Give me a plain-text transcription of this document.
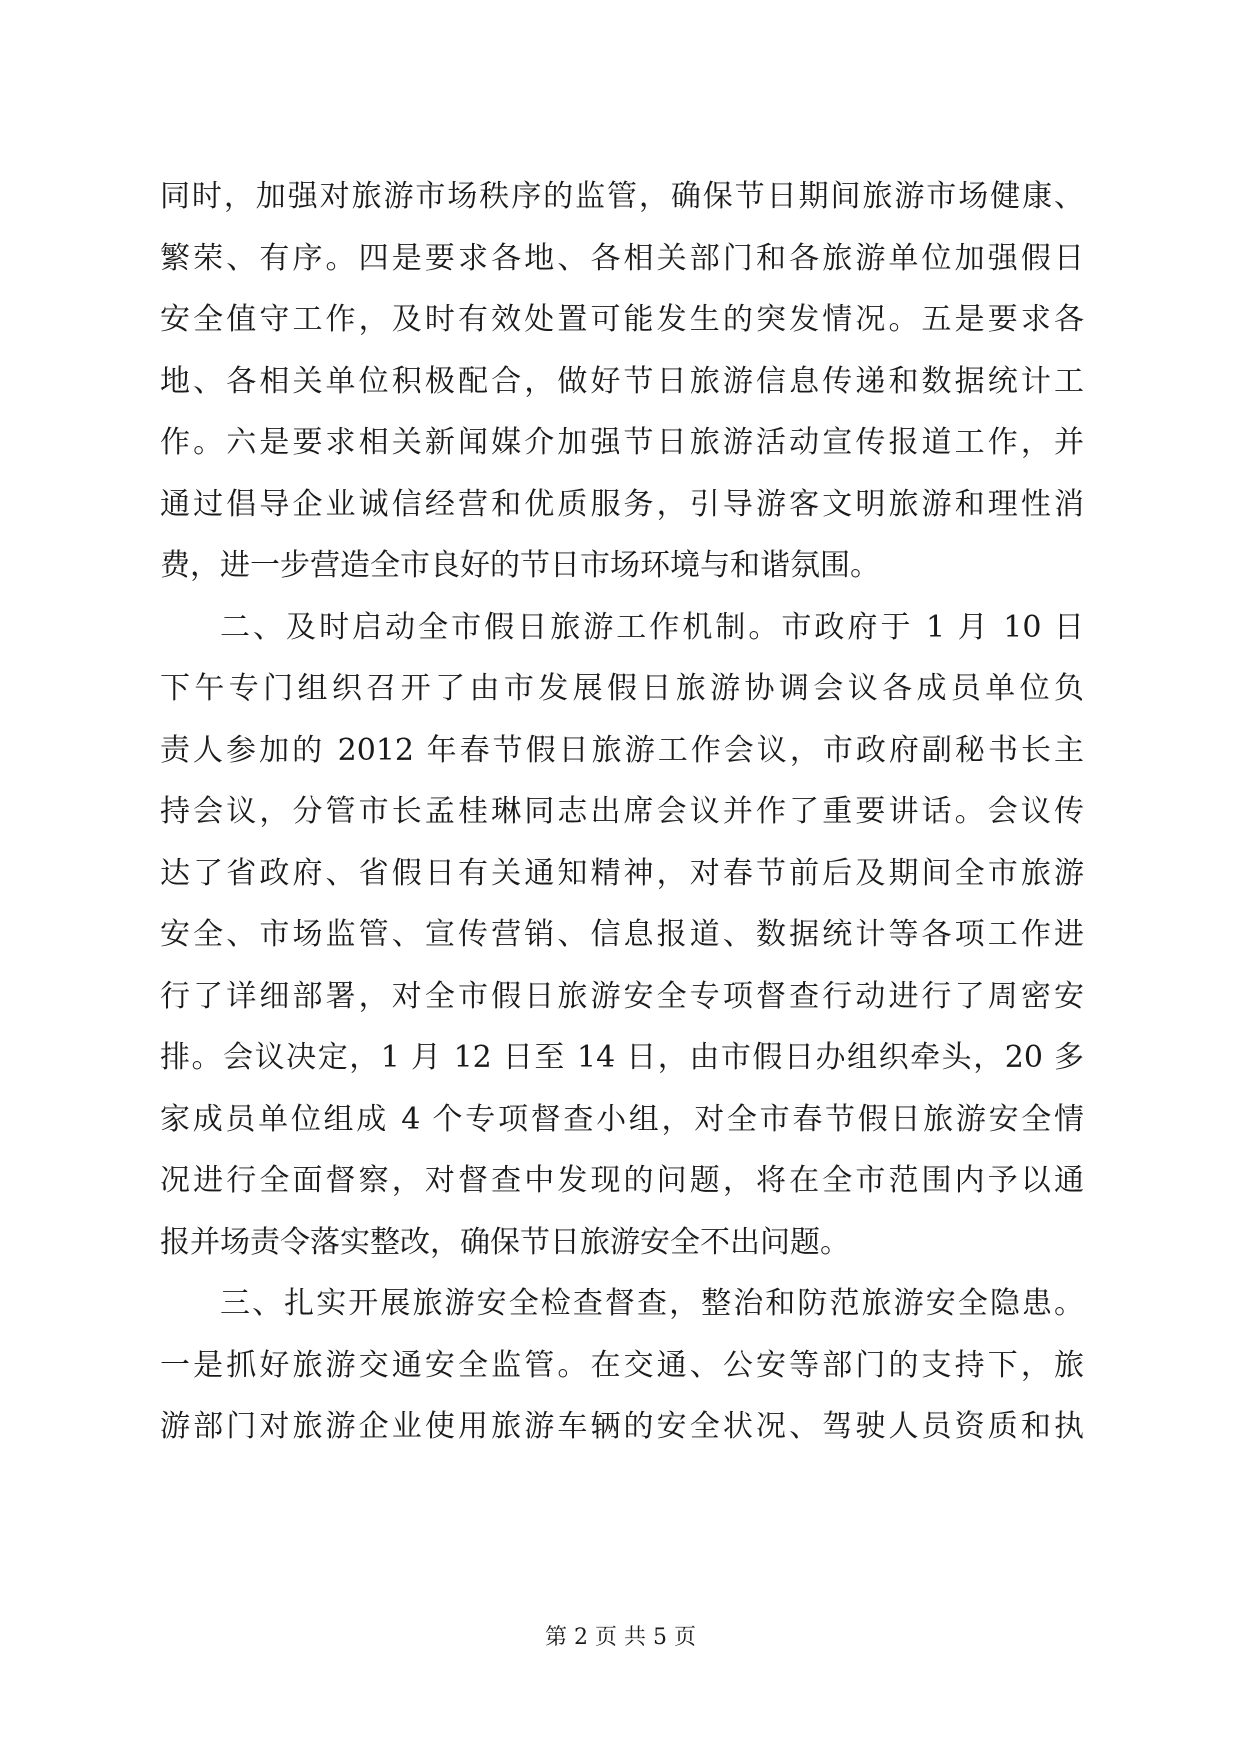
同时，加强对旅游市场秩序的监管，确保节日期间旅游市场健康、
繁荣、有序。四是要求各地、各相关部门和各旅游单位加强假日
安全值守工作，及时有效处置可能发生的突发情况。五是要求各
地、各相关单位积极配合，做好节日旅游信息传递和数据统计工
作。六是要求相关新闻媒介加强节日旅游活动宣传报道工作，并
通过倡导企业诚信经营和优质服务，引导游客文明旅游和理性消
费，进一步营造全市良好的节日市场环境与和谐氛围。
二、及时启动全市假日旅游工作机制。市政府于 1 月 10 日
下午专门组织召开了由市发展假日旅游协调会议各成员单位负
责人参加的 2012 年春节假日旅游工作会议，市政府副秘书长主
持会议，分管市长孟桂琳同志出席会议并作了重要讲话。会议传
达了省政府、省假日有关通知精神，对春节前后及期间全市旅游
安全、市场监管、宣传营销、信息报道、数据统计等各项工作进
行了详细部署，对全市假日旅游安全专项督查行动进行了周密安
排。会议决定，1 月 12 日至 14 日，由市假日办组织牵头，20 多
家成员单位组成 4 个专项督查小组，对全市春节假日旅游安全情
况进行全面督察，对督查中发现的问题，将在全市范围内予以通
报并场责令落实整改，确保节日旅游安全不出问题。
三、扎实开展旅游安全检查督查，整治和防范旅游安全隐患。
一是抓好旅游交通安全监管。在交通、公安等部门的支持下，旅
游部门对旅游企业使用旅游车辆的安全状况、驾驶人员资质和执
第 2 页 共 5 页
